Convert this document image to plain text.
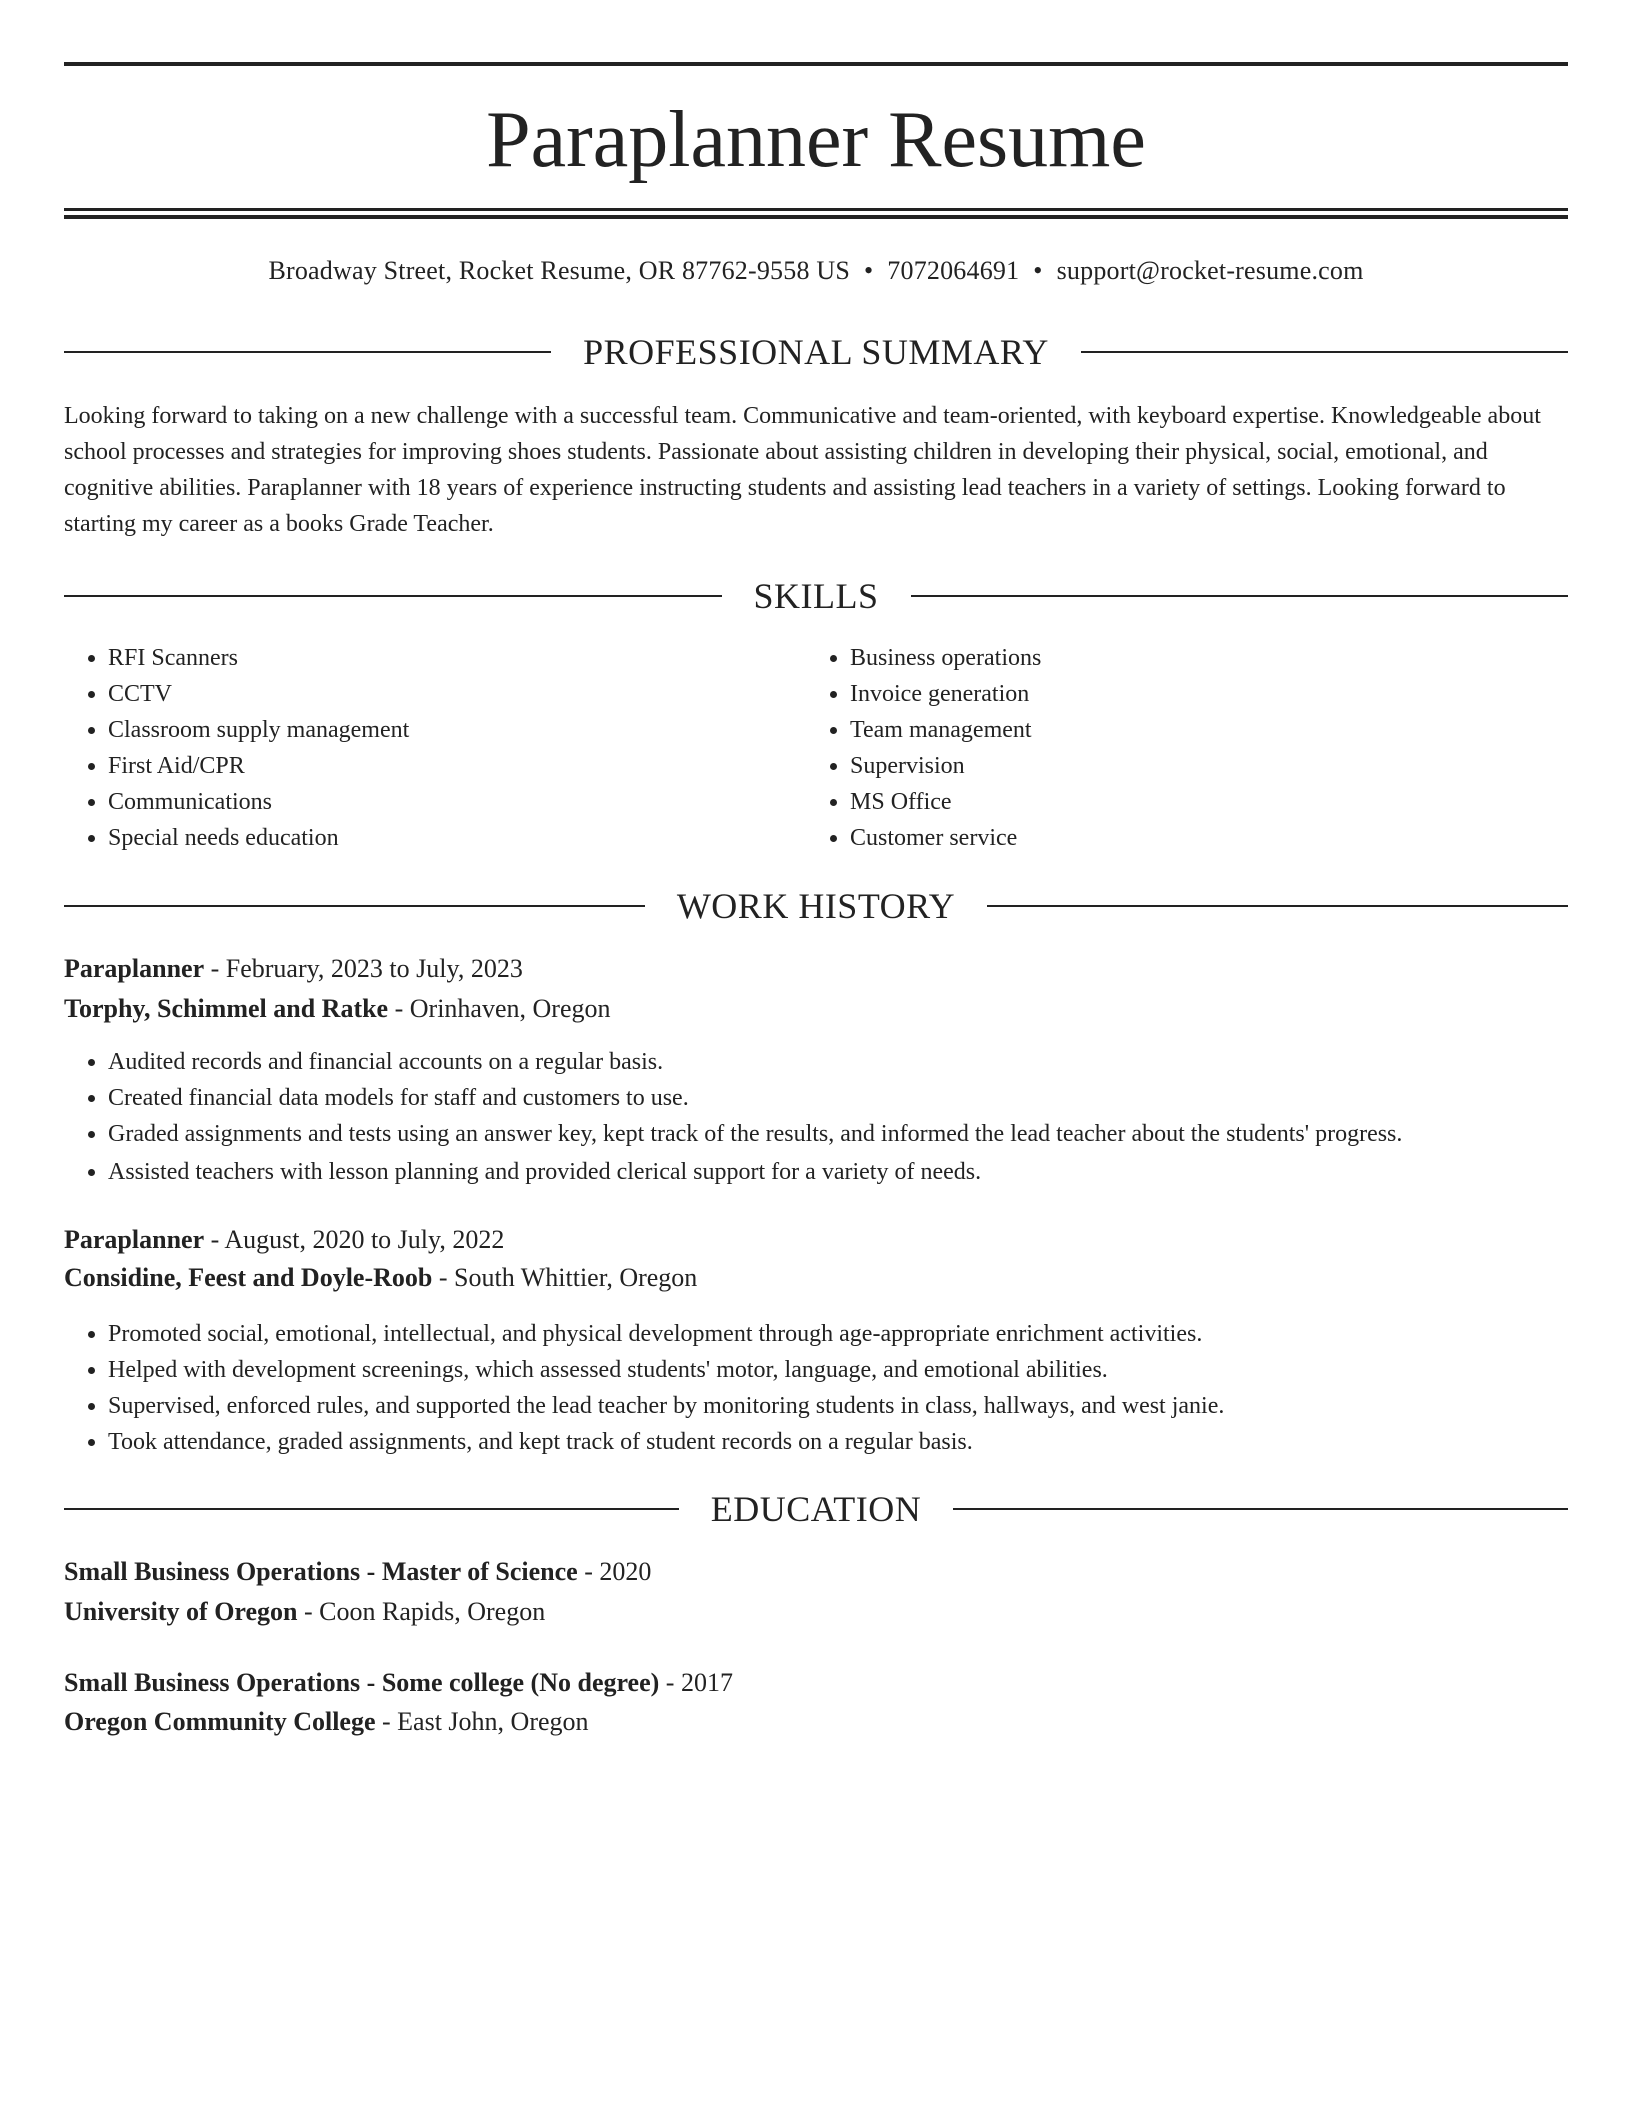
Paraplanner Resume
Broadway Street, Rocket Resume, OR 87762-9558 US • 7072064691 • support@rocket-resume.com
PROFESSIONAL SUMMARY

Looking forward to taking on a new challenge with a successful team. Communicative and team-oriented, with keyboard expertise. Knowledgeable about school processes and strategies for improving shoes students. Passionate about assisting children in developing their physical, social, emotional, and cognitive abilities. Paraplanner with 18 years of experience instructing students and assisting lead teachers in a variety of settings. Looking forward to starting my career as a books Grade Teacher.

SKILLS
• RFI Scanners
• CCTV
• Classroom supply management
• First Aid/CPR
• Communications
• Special needs education
• Business operations
• Invoice generation
• Team management
• Supervision
• MS Office
• Customer service
WORK HISTORY
Paraplanner - February, 2023 to July, 2023
Torphy, Schimmel and Ratke - Orinhaven, Oregon
• Audited records and financial accounts on a regular basis.
• Created financial data models for staff and customers to use.
• Graded assignments and tests using an answer key, kept track of the results, and informed the lead teacher about the students' progress.
• Assisted teachers with lesson planning and provided clerical support for a variety of needs.
Paraplanner - August, 2020 to July, 2022
Considine, Feest and Doyle-Roob - South Whittier, Oregon
• Promoted social, emotional, intellectual, and physical development through age-appropriate enrichment activities.
• Helped with development screenings, which assessed students' motor, language, and emotional abilities.
• Supervised, enforced rules, and supported the lead teacher by monitoring students in class, hallways, and west janie.
• Took attendance, graded assignments, and kept track of student records on a regular basis.
EDUCATION
Small Business Operations - Master of Science - 2020
University of Oregon - Coon Rapids, Oregon
Small Business Operations - Some college (No degree) - 2017
Oregon Community College - East John, Oregon
